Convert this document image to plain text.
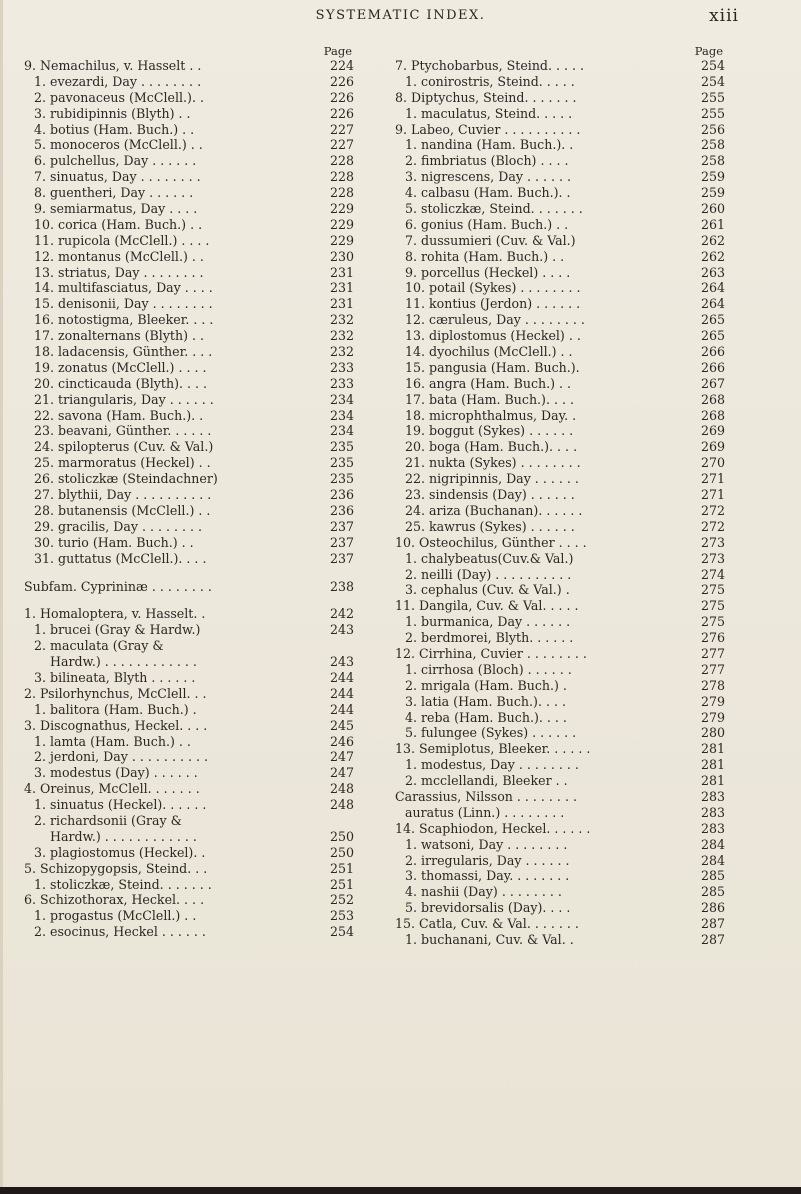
SYSTEMATIC INDEX.	xiii
Page
9. Nemachilus, v. Hasselt . .	224
1. evezardi, Day . . . . . . . .	226
2. pavonaceus (McClell.). .	226
3. rubidipinnis (Blyth) . .	226
4. botius (Ham. Buch.) . .	227
5. monoceros (McClell.) . .	227
6. pulchellus, Day . . . . . .	228
7. sinuatus, Day . . . . . . . .	228
8. guentheri, Day . . . . . .	228
9. semiarmatus, Day . . . .	229
10. corica (Ham. Buch.) . .	229
11. rupicola (McClell.) . . . .	229
12. montanus (McClell.) . .	230
13. striatus, Day . . . . . . . .	231
14. multifasciatus, Day . . . .	231
15. denisonii, Day . . . . . . . .	231
16. notostigma, Bleeker. . . .	232
17. zonalternans (Blyth) . .	232
18. ladacensis, Günther. . . .	232
19. zonatus (McClell.) . . . .	233
20. cincticauda (Blyth). . . .	233
21. triangularis, Day . . . . . .	234
22. savona (Ham. Buch.). .	234
23. beavani, Günther. . . . . .	234
24. spilopterus (Cuv. & Val.)	235
25. marmoratus (Heckel) . .	235
26. stoliczkæ (Steindachner)	235
27. blythii, Day . . . . . . . . . .	236
28. butanensis (McClell.) . .	236
29. gracilis, Day . . . . . . . .	237
30. turio (Ham. Buch.) . .	237
31. guttatus (McClell.). . . .	237
Subfam. Cyprininæ . . . . . . . .	238
1. Homaloptera, v. Hasselt. .	242
1. brucei (Gray & Hardw.)	243
2. maculata (Gray &
Hardw.) . . . . . . . . . . . .	243
3. bilineata, Blyth . . . . . .	244
2. Psilorhynchus, McClell. . .	244
1. balitora (Ham. Buch.) .	244
3. Discognathus, Heckel. . . .	245
1. lamta (Ham. Buch.) . .	246
2. jerdoni, Day . . . . . . . . . .	247
3. modestus (Day) . . . . . .	247
4. Oreinus, McClell. . . . . . .	248
1. sinuatus (Heckel). . . . . .	248
2. richardsonii (Gray &
Hardw.) . . . . . . . . . . . .	250
3. plagiostomus (Heckel). .	250
5. Schizopygopsis, Steind. . .	251
1. stoliczkæ, Steind. . . . . . .	251
6. Schizothorax, Heckel. . . .	252
1. progastus (McClell.) . .	253
2. esocinus, Heckel . . . . . .	254
Page
7. Ptychobarbus, Steind. . . . .	254
1. conirostris, Steind. . . . .	254
8. Diptychus, Steind. . . . . . .	255
1. maculatus, Steind. . . . .	255
9. Labeo, Cuvier . . . . . . . . . .	256
1. nandina (Ham. Buch.). .	258
2. fimbriatus (Bloch) . . . .	258
3. nigrescens, Day . . . . . .	259
4. calbasu (Ham. Buch.). .	259
5. stoliczkæ, Steind. . . . . . .	260
6. gonius (Ham. Buch.) . .	261
7. dussumieri (Cuv. & Val.)	262
8. rohita (Ham. Buch.) . .	262
9. porcellus (Heckel) . . . .	263
10. potail (Sykes) . . . . . . . .	264
11. kontius (Jerdon) . . . . . .	264
12. cæruleus, Day . . . . . . . .	265
13. diplostomus (Heckel) . .	265
14. dyochilus (McClell.) . .	266
15. pangusia (Ham. Buch.).	266
16. angra (Ham. Buch.) . .	267
17. bata (Ham. Buch.). . . .	268
18. microphthalmus, Day. .	268
19. boggut (Sykes) . . . . . .	269
20. boga (Ham. Buch.). . . .	269
21. nukta (Sykes) . . . . . . . .	270
22. nigripinnis, Day . . . . . .	271
23. sindensis (Day) . . . . . .	271
24. ariza (Buchanan). . . . . .	272
25. kawrus (Sykes) . . . . . .	272
10. Osteochilus, Günther . . . .	273
1. chalybeatus(Cuv.& Val.)	273
2. neilli (Day) . . . . . . . . . .	274
3. cephalus (Cuv. & Val.) .	275
11. Dangila, Cuv. & Val. . . . .	275
1. burmanica, Day . . . . . .	275
2. berdmorei, Blyth. . . . . .	276
12. Cirrhina, Cuvier . . . . . . . .	277
1. cirrhosa (Bloch) . . . . . .	277
2. mrigala (Ham. Buch.) .	278
3. latia (Ham. Buch.). . . .	279
4. reba (Ham. Buch.). . . .	279
5. fulungee (Sykes) . . . . . .	280
13. Semiplotus, Bleeker. . . . . .	281
1. modestus, Day . . . . . . . .	281
2. mcclellandi, Bleeker . .	281
Carassius, Nilsson . . . . . . . .	283
auratus (Linn.) . . . . . . . .	283
14. Scaphiodon, Heckel. . . . . .	283
1. watsoni, Day . . . . . . . .	284
2. irregularis, Day . . . . . .	284
3. thomassi, Day. . . . . . . .	285
4. nashii (Day) . . . . . . . .	285
5. brevidorsalis (Day). . . .	286
15. Catla, Cuv. & Val. . . . . . .	287
1. buchanani, Cuv. & Val. .	287
